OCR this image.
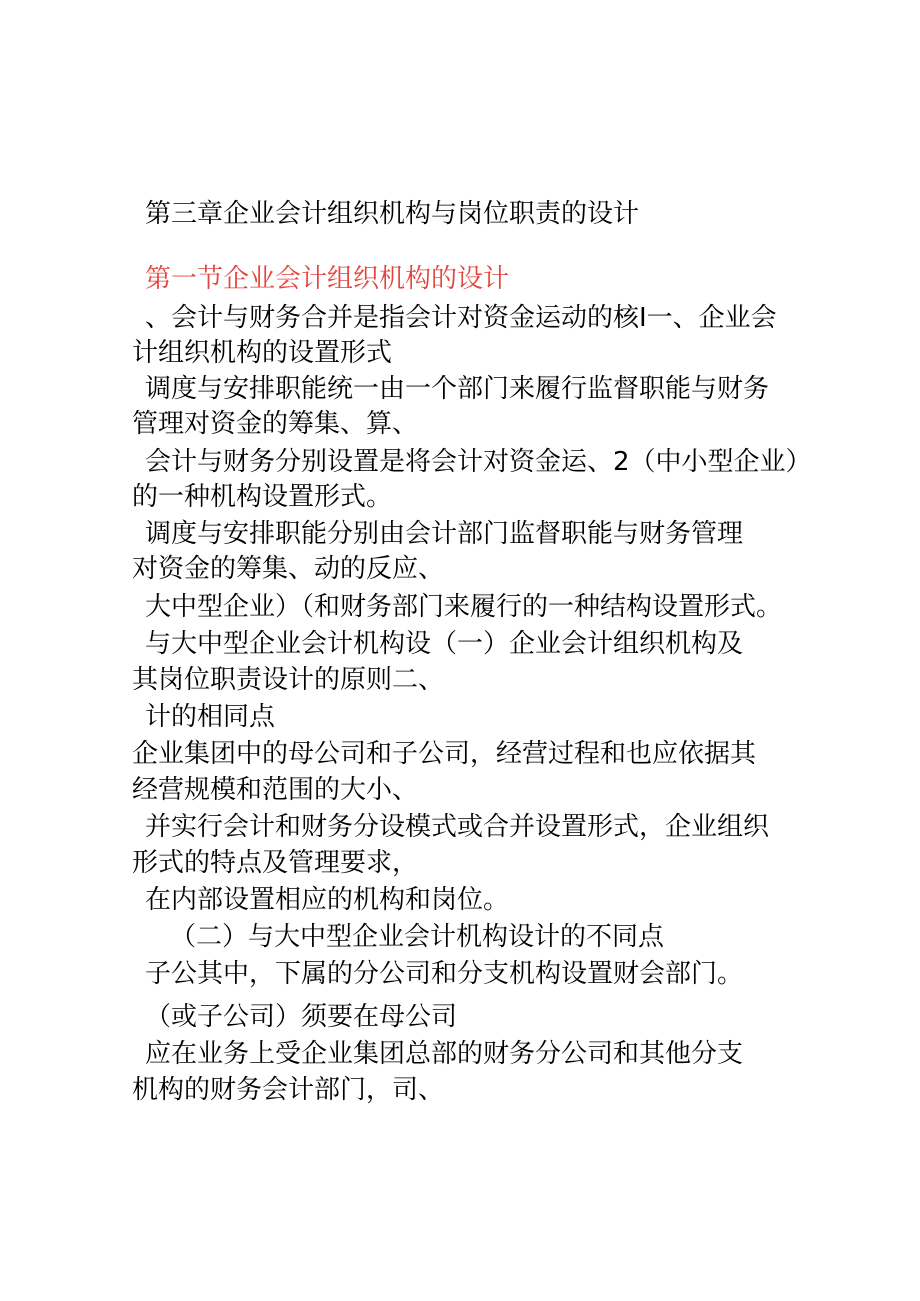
第三章企业会计组织机构与岗位职责的设计
第一节企业会计组织机构的设计
、会计与财务合并是指会计对资金运动的核I一、企业会
计组织机构的设置形式
调度与安排职能统一由一个部门来履行监督职能与财务
管理对资金的筹集、算、
会计与财务分别设置是将会计对资金运、2（中小型企业）
的一种机构设置形式。
调度与安排职能分别由会计部门监督职能与财务管理
对资金的筹集、动的反应、
大中型企业）（和财务部门来履行的一种结构设置形式。
与大中型企业会计机构设（一）企业会计组织机构及
其岗位职责设计的原则二、
计的相同点
企业集团中的母公司和子公司，经营过程和也应依据其
经营规模和范围的大小、
并实行会计和财务分设模式或合并设置形式，企业组织
形式的特点及管理要求，
在内部设置相应的机构和岗位。
（二）与大中型企业会计机构设计的不同点
子公其中，下属的分公司和分支机构设置财会部门。
（或子公司）须要在母公司
应在业务上受企业集团总部的财务分公司和其他分支
机构的财务会计部门，司、
